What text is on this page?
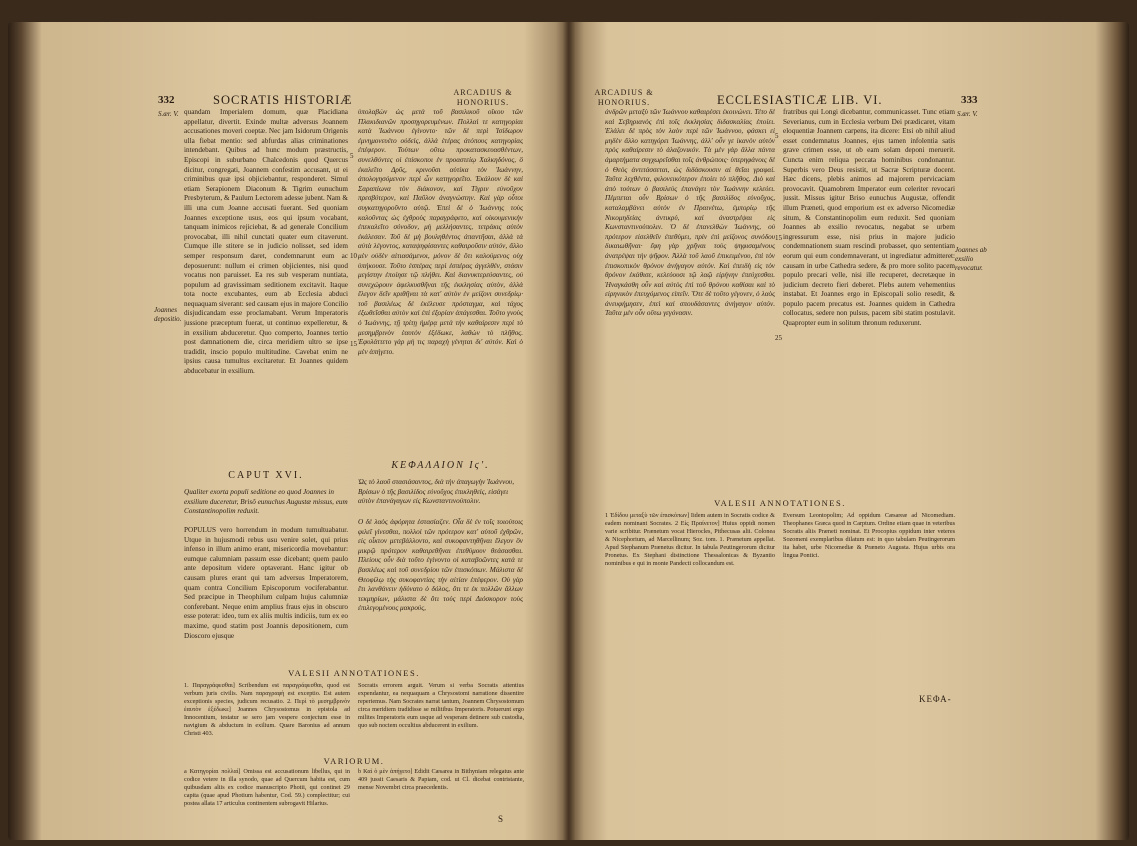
332	SOCRATIS HISTORIÆ
ARCADIUS & HONORIUS.
S.ær. V.
Joannes depositio.
quandam Imperialem domum, quæ Placidiana appellatur, divertit. Exinde multæ adversus Joannem accusationes moveri coeptæ. Nec jam Isidorum Origenis ulla fiebat mentio: sed abfurdas alias criminationes intendebant. Quibus ad hunc modum præstructis, Episcopi in suburbano Chalcedonis quod Quercus dicitur, congregati, Joannem confestim accusant, ut ei criminibus quæ ipsi objiciebantur, responderet. Simul etiam Serapionem Diaconum & Tigrim eunuchum Presbyterum, & Paulum Lectorem adesse jubent. Nam & illi una cum Joanne accusati fuerant. Sed quoniam Joannes exceptione usus, eos qui ipsum vocabant, tanquam inimicos rejiciebat, & ad generale Concilium provocabat, illi nihil cunctati quater eum citaverunt. Cumque ille stitere se in judicio nolisset, sed idem semper responsum daret, condemnarunt eum ac deposuerunt: nullum ei crimen objicientes, nisi quod vocatus non paruisset. Ea res sub vesperam nuntiata, populum ad gravissimam seditionem excitavit. Itaque tota nocte excubantes, eum ab Ecclesia abduci nequaquam siverant: sed causam ejus in majore Concilio disjudicandam esse proclamabant. Verum Imperatoris jussione præceptum fuerat, ut continuo expelleretur, & in exsilium abduceretur. Quo comperto, Joannes tertio post damnationem die, circa meridiem ultro se ipse tradidit, inscio populo multitudine. Cavebat enim ne ipsius causa tumultus excitaretur. Et Joannes quidem abducebatur in exsilium.
ὑπολαβὼν ὡς μετὰ τοῦ βασιλικοῦ οἴκου τῶν Πλακιδιανῶν προσηγορευμένων. Πολλαὶ τε κατηγορίαι κατὰ Ἰωάννου ἐγίνοντο· τῶν δὲ περὶ Ἰσίδωρον ἐμνημονευέτο οὐδεὶς, ἀλλὰ ἑτέρας ἀτόπους κατηγορίας ἐπέφερον. Τούτων οὕτω προκατασκευασθέντων, συνελθόντες οἱ ἐπίσκοποι ἐν προαστείῳ Χαλκηδόνος, ὃ ἐκαλεῖτο Δρῦς, κρινοῦσι αὐτίκα τὸν Ἰωάννην, ἀπολογησόμενον περὶ ὧν κατηγορεῖτο. Ἐκάλουν δὲ καὶ Σαραπίωνα τὸν διάκονον, καὶ Τίγριν εὐνοῦχον πρεσβύτερον, καὶ Παῦλον ἀναγνώστην. Καὶ γὰρ οὗτοι συγκατηγοροῦντο αὐτῷ. Ἐπεὶ δὲ ὁ Ἰωάννης τοὺς καλοῦντας ὡς ἐχθροὺς παραγράφετο, καὶ οἰκουμενικὴν ἐπεκαλεῖτο σύνοδον, μὴ μελλήσαντες, τετράκις αὐτὸν ἐκάλεσαν. Τοῦ δὲ μὴ βουληθέντος ἀπαντῆσαι, ἀλλὰ τὰ αὐτὰ λέγοντος, καταψηφίσαντες καθαιροῦσιν αὐτόν, ἄλλο μὲν οὐδὲν αἰτιασάμενοι, μόνον δὲ ὅτι καλούμενος οὐχ ὑπήκουσε. Τοῦτο ἑσπέρας περὶ ἑσπέρας ἀγγελθέν, στάσιν μεγίστην ἐποίησε τῷ πλήθει. Καὶ διανυκτερεύσαντες, οὐ συνεχώρουν ἀφελκυσθῆναι τῆς ἐκκλησίας αὐτὸν, ἀλλὰ ἔλεγον δεῖν κριθῆναι τὰ κατ' αὐτὸν ἐν μείζονι συνεδρίῳ· τοῦ βασιλέως δὲ ἐκέλευσε πρόσταγμα, καὶ τάχος ἐξωθεῖσθαι αὐτὸν καὶ ἐπὶ ἐξορίαν ἀπάγεσθαι. Τοῦτο γνοὺς ὁ Ἰωάννης, τῇ τρίτῃ ἡμέρᾳ μετὰ τὴν καθαίρεσιν περὶ τὸ μεσημβρινὸν ἑαυτὸν ἐξέδωκε, λαθὼν τὸ πλῆθος. Ἐφυλάττετο γὰρ μὴ τις παραχὴ γένηται δι' αὐτόν. Καὶ ὁ μὲν ἀπήγετο.
5
10
15
CAPUT XVI.
Qualiter exorta populi seditione eo quod Joannes in exsilium duceretur, Brisô eunuchus Augustæ missus, eum Constantinopolim reduxit.
ΚΕΦΑΛΑΙΟΝ Ιϛ'.
Ὡς τὸ λαοῦ στασιάσαντος, διὰ τὴν ἀπαγωγὴν Ἰωάννου, Βρίσων ὁ τῆς βασιλίδος εὐνοῦχος ἐπικληθεὶς, εἰσάγει αὐτὸν ἐπανάγαγων εἰς Κωνσταντινούπολιν.
POPULUS vero horrendum in modum tumultuabatur. Utque in hujusmodi rebus usu venire solet, qui prius infenso in illum animo erant, misericordia movebantur: eumque calumniam passum esse dicebant; quem paulo ante depositum videre optaverant. Hanc igitur ob causam plures erant qui tam adversus Imperatorem, quam contra Concilium Episcoporum vociferabantur. Sed præcipue in Theophilum culpam hujus calumniæ conferebant. Neque enim amplius fraus ejus in obscuro esse poterat: ideo, tum ex aliis multis indiciis, tum ex eo maxime, quod statim post Joannis depositionem, cum Dioscoro ejusque
Ο δὲ λαὸς ἀφόρητα ἐστασίαζεν. Οἷα δὲ ἐν τοῖς τοιούτοις φιλεῖ γίνεσθαι, πολλοὶ τῶν πρότερον κατ' αὐτοῦ ἐχθρῶν, εἰς οἶκτον μετεβάλλοντο, καὶ συκοφαντηθῆναι ἔλεγον ὃν μικρῷ πρότερον καθαιρεθῆναι ἐπεθύμουν θεάσασθαι. Πλείους οὖν διὰ τοῦτο ἐγίνοντο οἱ καταβοῶντες κατὰ τε βασιλέως καὶ τοῦ συνεδρίου τῶν ἐπισκόπων. Μάλιστα δὲ Θεοφίλῳ τὴς συκοφαντίας τὴν αἰτίαν ἐπέφερον. Οὐ γὰρ ἔτι λανθάνειν ἠδύνατο ὁ δόλος, ὅτι τε ἐκ πολλῶν ἄλλων τεκμηρίων, μάλιστα δὲ ὅτι τοὺς περὶ Διόσκορον τοὺς ἐπιλεγομένους μακρούς,
VALESII ANNOTATIONES.
1. Παραγράφεσθαι] Scribendum est παραγράφεσθαι, quod est verbum juris civilis. Nam παραγραφὴ est exceptio. Est autem exceptionis species, judicum recusatio. 2. Περὶ τὸ μεσημβρινὸν ἑαυτὸν ἐξέδωκε] Joannes Chrysostomus in epistola ad Innocentium, testatur se sero jam vespere conjectum esse in navigium & abductum in exilium. Quare Baronius ad annum Christi 403.
Socratis errorem arguit. Verum si verba Socratis attentius expendantur, ea nequaquam a Chrysostomi narratione dissentire reperiemus. Nam Socrates narrat tantum, Joannem Chrysostomum circa meridiem tradidisse se militibus Imperatoris. Potuerunt ergo milites Imperatoris eum usque ad vesperam detinere sub custodia, quo sub noctem occultius abducerent in exilium.
VARIORUM.
a Κατηγορίαι πολλαί] Omissa est accusationum libellus, qui in codice vetere in illa synodo, quae ad Quercum habita est, cum quibusdam aliis ex codice manuscripto Photii, qui continet 29 capita (quae apud Photium habentur, Cod. 59.) complectitur; cui postea allata 17 articulus continentem subrogavit Hilarius.
b Καὶ ὁ μὲν ἀπήγετο] Edidit Cæsarea in Bithyniam relegatus ante 409 jussit Caesaris & Papiam, cod. ut Cl. dicebat contristante, mense Novembri circa praecedentis.
S
ARCADIUS & HONORIUS.	ECCLESIASTICÆ LIB. VI.	333
S.ær. V.
Joannes ab exsilio revocatur.
ἀνδρῶν μεταξὺ τῶν Ἰωάννου καθαιρέσει ἐκοινώνει. Τέτο δὲ καὶ Σεβηριανὸς ἐπὶ τοῖς ἐκκλησίας διδασκαλίας ἐποίει. Ἐλάλει δὲ πρὸς τὸν λαὸν περὶ τῶν Ἰωάννου, φάσκει εἰ μηδὲν ἄλλο κατηγόρει Ἰωάννης, ἀλλ' οὖν γε ἱκανὸν αὐτὸν πρὸς καθαίρεσιν τὸ ἀλαζονικόν. Τὰ μὲν γὰρ ἄλλα πάντα ἁμαρτήματα συγχωρεῖσθαι τοῖς ἀνθρώποις· ὑπερηφάνοις δὲ ὁ Θεὸς ἀντιτάσσεται, ὡς διδάσκουσιν αἱ θεῖαι γραφαί. Ταῦτα λεχθέντα, φιλονεικότερον ἐποίει τὸ πλῆθος. Διὸ καὶ ἀπὸ τούτων ὁ βασιλεὺς ἐπανάγει τὸν Ἰωάννην κελεύει. Πέμπεται οὖν Βρίσων ὁ τῆς βασιλίδος εὐνοῦχος, καταλαμβάνει αὐτὸν ἐν Πραινέτω, ἐμπορίῳ τῆς Νικομηδείας ἀντικρύ, καὶ ἀναστρέψαι εἰς Κωνσταντινούπολιν. Ὁ δὲ ἐπανελθὼν Ἰωάννης, οὐ πρότερον εἰσελθεῖν ἐπεθύμει, πρὶν ἐπὶ μείζονος συνόδου δικαιωθῆναι· ἔφη γὰρ χρῆναι τοὺς ψηφισαμένους ἀνατρέψαι τὴν ψῆφον. Ἀλλὰ τοῦ λαοῦ ἐπικειμένου, ἐπὶ τὸν ἐπισκοπικὸν θρόνον ἀνήγαγον αὐτόν. Καὶ ἐπειδὴ εἰς τὸν θρόνον ἐκάθισε, κελεύουσι τῷ λαῷ εἰρήνην ἐπεύχεσθαι. Ἠναγκάσθη οὖν καὶ αὐτὸς ἐπὶ τοῦ θρόνου καθίσαι καὶ τὸ εἰρηνικὸν ἐπευχόμενος εἰπεῖν. Ὅτε δὲ τοῦτο γέγονεν, ὁ λαὸς ἀνευφήμησεν, ἐπεὶ καὶ σπουδάσαντες ἀνήγαγον αὐτόν. Ταῦτα μὲν οὖν οὕτω γεγόνασιν.
fratribus qui Longi dicebantur, communicasset. Tunc etiam Severianus, cum in Ecclesia verbum Dei prædicaret, vitam eloquentiæ Joannem carpens, ita dicere: Etsi ob nihil aliud esset condemnatus Joannes, ejus tamen infolentia satis grave crimen esse, ut ob eam solam deponi meruerit. Cuncta enim reliqua peccata hominibus condonantur. Superbis vero Deus resistit, ut Sacræ Scripturæ docent. Hæc dicens, plebis animos ad majorem pervicaciam provocavit. Quamobrem Imperator eum celeriter revocari jussit. Missus igitur Briso eunuchus Augustæ, offendit illum Præneti, quod emporium est ex adverso Nicomediæ situm, & Constantinopolim eum reduxit. Sed quoniam Joannes ab exsilio revocatus, negabat se urbem ingressurum esse, nisi prius in majore judicio condemnationem suam rescindi probasset, quo sententiam eorum qui eum condemnaverant, ut ingrediatur admitteret: causam in urbe Cathedra sedere, & pro more solito pacem populo precari velle, nisi ille recuperet, decretæque in judicium decreto fieri deberet. Plebs autem vehementius instabat. Et Joannes ergo in Episcopali solio resedit, & populo pacem precatus est. Joannes quidem in Cathedra collocatus, sedere non pulsus, pacem sibi statim postulavit. Quapropter eum in solitum thronum reduxerunt.
5
15
25
VALESII ANNOTATIONES.
1 Ἐδίδου μεταξὺ τῶν ἐπισκόπων] Iidem autem in Socratis codice & eadem nominant Socrates. 2 Εἰς Πραίνετον] Huius oppidi nomen varie scribitur. Prænetum vocat Hierocles, Pithecusas alii. Colonea & Nicephorium, ad Marcellinum; Soz. tom. 1. Prænetum appellat. Apud Stephanum Prænetus dicitur. In tabula Peutingerorum dicitur Pronetus. Ex Stephani distinctione Thessalonicas & Byzantio nominibus e qui in monte Pandecti collocandum est.
Eversum Leontopolim; Ad oppidum Cæsareæ ad Nicomediam. Theophanes Græca quod in Carptum. Ordine etiam quae in veteribus Socratis aliis Præneti nominat. Et Procopius oppidum inter veteres Sozomeni exemplaribus dilatum est: in quo tabulam Peutingerorum ita habet, urbe Nicomediæ & Præneto Augusta. Hujus urbis ora lingua Pontici.
ΚΕΦΑ-
